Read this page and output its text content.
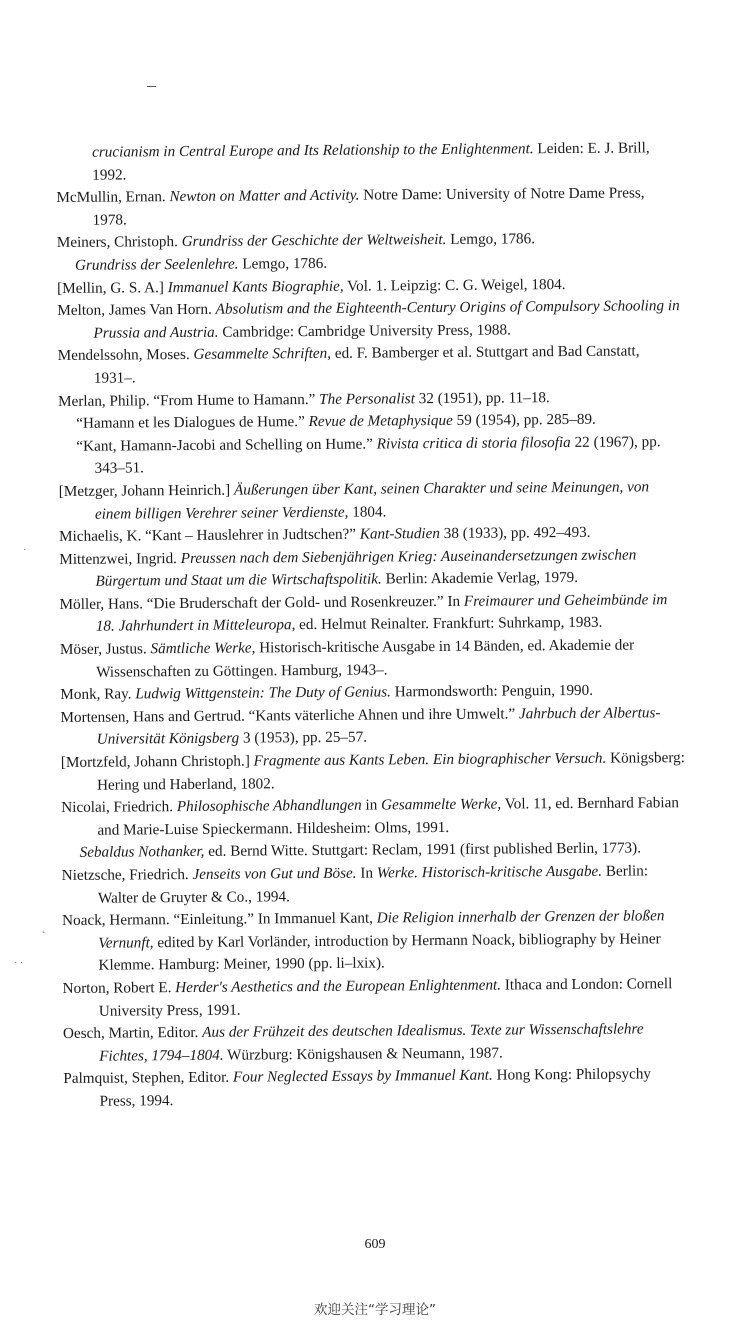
·
˛
· ·
crucianism in Central Europe and Its Relationship to the Enlightenment. Leiden: E. J. Brill, 1992.
McMullin, Ernan. Newton on Matter and Activity. Notre Dame: University of Notre Dame Press, 1978.
Meiners, Christoph. Grundriss der Geschichte der Weltweisheit. Lemgo, 1786.
Grundriss der Seelenlehre. Lemgo, 1786.
[Mellin, G. S. A.] Immanuel Kants Biographie, Vol. 1. Leipzig: C. G. Weigel, 1804.
Melton, James Van Horn. Absolutism and the Eighteenth-Century Origins of Compulsory Schooling in Prussia and Austria. Cambridge: Cambridge University Press, 1988.
Mendelssohn, Moses. Gesammelte Schriften, ed. F. Bamberger et al. Stuttgart and Bad Canstatt, 1931–.
Merlan, Philip. “From Hume to Hamann.” The Personalist 32 (1951), pp. 11–18.
“Hamann et les Dialogues de Hume.” Revue de Metaphysique 59 (1954), pp. 285–89.
“Kant, Hamann-Jacobi and Schelling on Hume.” Rivista critica di storia filosofia 22 (1967), pp. 343–51.
[Metzger, Johann Heinrich.] Äußerungen über Kant, seinen Charakter und seine Meinungen, von einem billigen Verehrer seiner Verdienste, 1804.
Michaelis, K. “Kant – Hauslehrer in Judtschen?” Kant-Studien 38 (1933), pp. 492–493.
Mittenzwei, Ingrid. Preussen nach dem Siebenjährigen Krieg: Auseinandersetzungen zwischen Bürgertum und Staat um die Wirtschaftspolitik. Berlin: Akademie Verlag, 1979.
Möller, Hans. “Die Bruderschaft der Gold- und Rosenkreuzer.” In Freimaurer und Geheimbünde im 18. Jahrhundert in Mitteleuropa, ed. Helmut Reinalter. Frankfurt: Suhrkamp, 1983.
Möser, Justus. Sämtliche Werke, Historisch-kritische Ausgabe in 14 Bänden, ed. Akademie der Wissenschaften zu Göttingen. Hamburg, 1943–.
Monk, Ray. Ludwig Wittgenstein: The Duty of Genius. Harmondsworth: Penguin, 1990.
Mortensen, Hans and Gertrud. “Kants väterliche Ahnen und ihre Umwelt.” Jahrbuch der Albertus-Universität Königsberg 3 (1953), pp. 25–57.
[Mortzfeld, Johann Christoph.] Fragmente aus Kants Leben. Ein biographischer Versuch. Königsberg: Hering und Haberland, 1802.
Nicolai, Friedrich. Philosophische Abhandlungen in Gesammelte Werke, Vol. 11, ed. Bernhard Fabian and Marie-Luise Spieckermann. Hildesheim: Olms, 1991.
Sebaldus Nothanker, ed. Bernd Witte. Stuttgart: Reclam, 1991 (first published Berlin, 1773).
Nietzsche, Friedrich. Jenseits von Gut und Böse. In Werke. Historisch-kritische Ausgabe. Berlin: Walter de Gruyter & Co., 1994.
Noack, Hermann. “Einleitung.” In Immanuel Kant, Die Religion innerhalb der Grenzen der bloßen Vernunft, edited by Karl Vorländer, introduction by Hermann Noack, bibliography by Heiner Klemme. Hamburg: Meiner, 1990 (pp. li–lxix).
Norton, Robert E. Herder's Aesthetics and the European Enlightenment. Ithaca and London: Cornell University Press, 1991.
Oesch, Martin, Editor. Aus der Frühzeit des deutschen Idealismus. Texte zur Wissenschaftslehre Fichtes, 1794–1804. Würzburg: Königshausen & Neumann, 1987.
Palmquist, Stephen, Editor. Four Neglected Essays by Immanuel Kant. Hong Kong: Philopsychy Press, 1994.
609
欢迎关注“学习理论”
